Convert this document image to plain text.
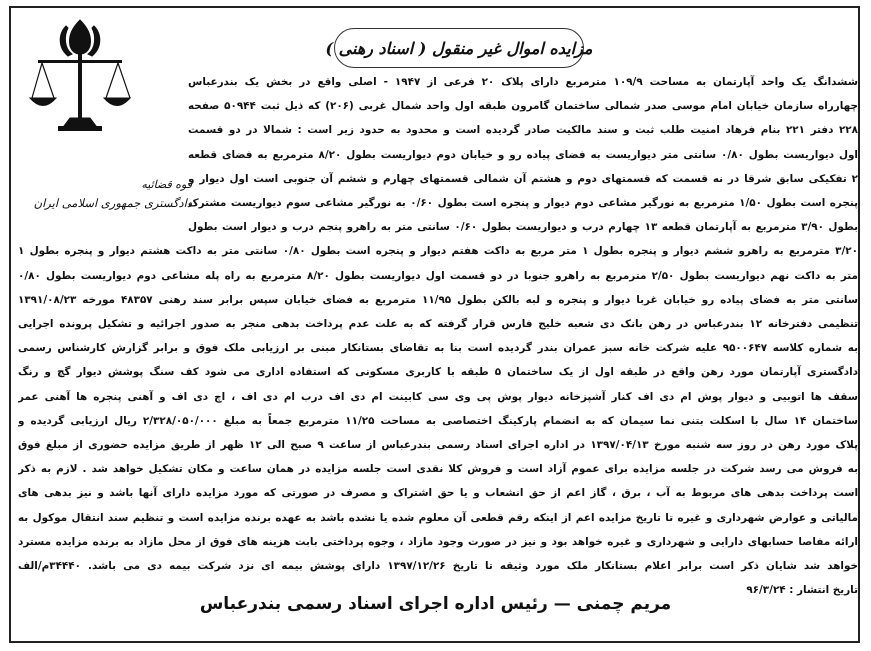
قوه قضائیه
دادگستری جمهوری اسلامی ایران
مزایده اموال غیر منقول ( اسناد رهنی )
ششدانگ یک واحد آپارتمان به مساحت ۱۰۹/۹ مترمربع دارای پلاک ۲۰ فرعی از ۱۹۴۷ - اصلی واقع در بخش یک بندرعباس
چهارراه سازمان خیابان امام موسی صدر شمالی ساختمان گامرون طبقه اول واحد شمال غربی (۲۰۶) که ذیل ثبت ۵۰۹۴۴ صفحه
۲۲۸ دفتر ۲۲۱ بنام فرهاد امنیت طلب ثبت و سند مالکیت صادر گردیده است و محدود به حدود زیر است : شمالا در دو قسمت
اول دیواریست بطول ۰/۸۰ سانتی متر دیواریست به فضای پیاده رو و خیابان دوم دیواریست بطول ۸/۲۰ مترمربع به فضای قطعه
۲ تفکیکی سابق شرقا در نه قسمت که قسمتهای دوم و هشتم آن شمالی قسمتهای چهارم و ششم آن جنوبی است اول دیوار و
پنجره است بطول ۱/۵۰ مترمربع به نورگیر مشاعی دوم دیوار و پنجره است بطول ۰/۶۰ به نورگیر مشاعی سوم دیواریست مشترک
بطول ۳/۹۰ مترمربع به آپارتمان قطعه ۱۳ چهارم درب و دیواریست بطول ۰/۶۰ سانتی متر به راهرو پنجم درب و دیوار است بطول
۳/۲۰ مترمربع به راهرو ششم دیوار و پنجره بطول ۱ متر مربع به داکت هفتم دیوار و پنجره است بطول ۰/۸۰ سانتی متر به داکت هشتم دیوار و پنجره بطول ۱
متر به داکت نهم دیواریست بطول ۲/۵۰ مترمربع به راهرو جنوبا در دو قسمت اول دیواریست بطول ۸/۲۰ مترمربع به راه پله مشاعی دوم دیواریست بطول ۰/۸۰
سانتی متر به فضای پیاده رو خیابان غربا دیوار و پنجره و لبه بالکن بطول ۱۱/۹۵ مترمربع به فضای خیابان سپس برابر سند رهنی ۴۸۳۵۷ مورخه ۱۳۹۱/۰۸/۲۳
تنظیمی دفترخانه ۱۲ بندرعباس در رهن بانک دی شعبه خلیج فارس قرار گرفته که به علت عدم پرداخت بدهی منجر به صدور اجرائیه و تشکیل پرونده اجرایی
به شماره کلاسه ۹۵۰۰۶۴۷ علیه شرکت خانه سبز عمران بندر گردیده است بنا به تقاضای بستانکار مبنی بر ارزیابی ملک فوق و برابر گزارش کارشناس رسمی
دادگستری آپارتمان مورد رهن واقع در طبقه اول از یک ساختمان ۵ طبقه با کاربری مسکونی که استفاده اداری می شود کف سنگ پوشش دیوار گچ و رنگ
سقف ها اتوبیی و دیوار پوش ام دی اف کنار آشپزخانه دیوار پوش پی وی سی کابینت ام دی اف درب ام دی اف ، اچ دی اف و آهنی پنجره ها آهنی عمر
ساختمان ۱۴ سال با اسکلت بتنی نما سیمان که به انضمام پارکینگ اختصاصی به مساحت ۱۱/۲۵ مترمربع جمعاً به مبلغ ۲/۳۲۸/۰۵۰/۰۰۰ ریال ارزیابی گردیده و
پلاک مورد رهن در روز سه شنبه مورخ ۱۳۹۷/۰۴/۱۳ در اداره اجرای اسناد رسمی بندرعباس از ساعت ۹ صبح الی ۱۲ ظهر از طریق مزایده حضوری از مبلغ فوق
به فروش می رسد شرکت در جلسه مزایده برای عموم آزاد است و فروش کلا نقدی است جلسه مزایده در همان ساعت و مکان تشکیل خواهد شد . لازم به ذکر
است پرداخت بدهی های مربوط به آب ، برق ، گاز اعم از حق انشعاب و یا حق اشتراک و مصرف در صورتی که مورد مزایده دارای آنها باشد و نیز بدهی های
مالیاتی و عوارض شهرداری و غیره تا تاریخ مزایده اعم از اینکه رقم قطعی آن معلوم شده یا نشده باشد به عهده برنده مزایده است و تنظیم سند انتقال موکول به
ارائه مفاصا حسابهای دارایی و شهرداری و غیره خواهد بود و نیز در صورت وجود مازاد ، وجوه پرداختی بابت هزینه های فوق از محل مازاد به برنده مزایده مسترد
خواهد شد شایان ذکر است برابر اعلام بستانکار ملک مورد وثیقه تا تاریخ ۱۳۹۷/۱۲/۲۶ دارای پوشش بیمه ای نزد شرکت بیمه دی می باشد. ۳۴۴۴۰م/الف
تاریخ انتشار : ۹۶/۳/۲۴
مریم چمنی — رئیس اداره اجرای اسناد رسمی بندرعباس
